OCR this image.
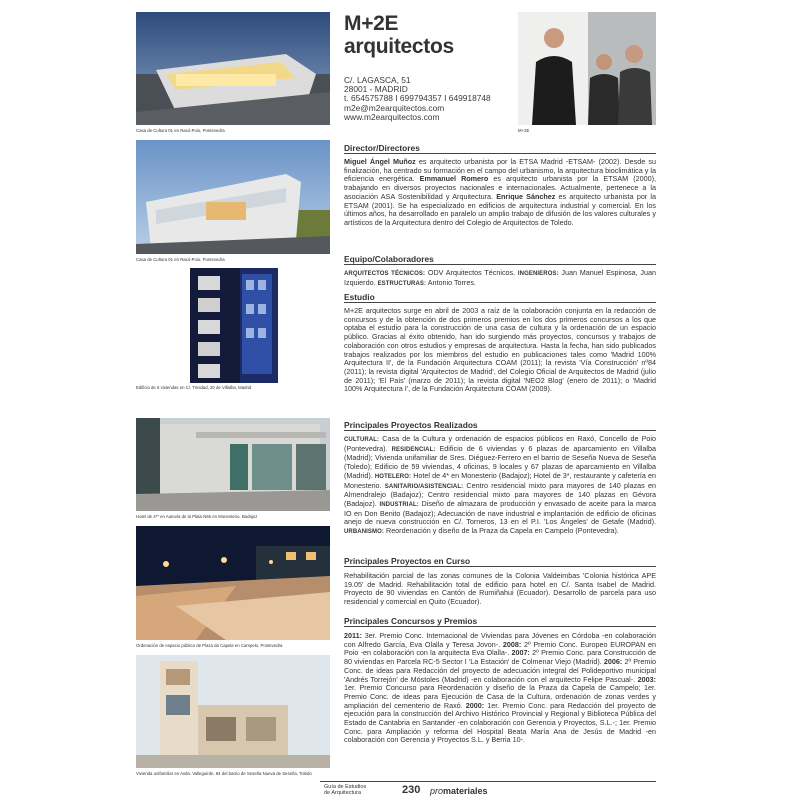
Casa de Cultura 01 en Raxó-Poio, Pontevedra
Casa de Cultura 01 en Raxó-Poio, Pontevedra
Edificio de 6 viviendas en C/. Trinidad, 20 de Villalba, Madrid
Hotel de 4** en Autovía de la Plata N66 en Monesterio, Badajoz
Ordenación de espacio público de Plaza da Capela en Campelo, Pontevedra
Vivienda unifamiliar en Avda. Valleguirde, 84 del barrio de Seseña Nueva de Seseña, Toledo
M+2E
M+2E
arquitectos
C/. LAGASCA, 51
28001 - MADRID
t. 654575788 I 699794357 I 649918748
m2e@m2earquitectos.com
www.m2earquitectos.com
Director/Directores
Miguel Ángel Muñoz es arquitecto urbanista por la ETSA Madrid -ETSAM- (2002). Desde su finalización, ha centrado su formación en el campo del urbanismo, la arquitectura bioclimática y la eficiencia energética. Emmanuel Romero es arquitecto urbanista por la ETSAM (2000), trabajando en diversos proyectos nacionales e internacionales. Actualmente, pertenece a la asociación ASA Sostenibilidad y Arquitectura. Enrique Sánchez es arquitecto urbanista por la ETSAM (2001). Se ha especializado en edificios de arquitectura industrial y comercial. En los últimos años, ha desarrollado en paralelo un amplio trabajo de difusión de los valores culturales y artísticos de la Arquitectura dentro del Colegio de Arquitectos de Toledo.
Equipo/Colaboradores
ARQUITECTOS TÉCNICOS: ODV Arquitectos Técnicos. INGENIEROS: Juan Manuel Espinosa, Juan Izquierdo. ESTRUCTURAS: Antonio Torres.
Estudio
M+2E arquitectos surge en abril de 2003 a raíz de la colaboración conjunta en la redacción de concursos y de la obtención de dos primeros premios en los dos primeros concursos a los que optaba el estudio para la construcción de una casa de cultura y la ordenación de un espacio público. Gracias al éxito obtenido, han ido surgiendo más proyectos, concursos y trabajos de colaboración con otros estudios y empresas de arquitectura. Hasta la fecha, han sido publicados trabajos realizados por los miembros del estudio en publicaciones tales como 'Madrid 100% Arquitectura II', de la Fundación Arquitectura COAM (2011); la revista 'Vía Construcción' nº84 (2011); la revista digital 'Arquitectos de Madrid', del Colegio Oficial de Arquitectos de Madrid (julio de 2011); 'El País' (marzo de 2011); la revista digital 'NEO2 Blog' (enero de 2011); o 'Madrid 100% Arquitectura I', de la Fundación Arquitectura COAM (2009).
Principales Proyectos Realizados
CULTURAL: Casa de la Cultura y ordenación de espacios públicos en Raxó, Concello de Poio (Pontevedra). RESIDENCIAL: Edificio de 6 viviendas y 6 plazas de aparcamiento en Villalba (Madrid); Vivienda unifamiliar de Sres. Diéguez-Ferrero en el barrio de Seseña Nueva de Seseña (Toledo); Edificio de 59 viviendas, 4 oficinas, 9 locales y 67 plazas de aparcamiento en Villalba (Madrid). HOTELERO: Hotel de 4* en Monesterio (Badajoz); Hotel de 3*, restaurante y cafetería en Monesterio. SANITARIO/ASISTENCIAL: Centro residencial mixto para mayores de 140 plazas en Almendralejo (Badajoz); Centro residencial mixto para mayores de 140 plazas en Gévora (Badajoz). INDUSTRIAL: Diseño de almazara de producción y envasado de aceite para la marca IO en Don Benito (Badajoz); Adecuación de nave industrial e implantación de edificio de oficinas anejo de nueva construcción en C/. Torneros, 13 en el P.I. 'Los Ángeles' de Getafe (Madrid). URBANISMO: Reordenación y diseño de la Praza da Capela en Campelo (Pontevedra).
Principales Proyectos en Curso
Rehabilitación parcial de las zonas comunes de la Colonia Valdeimbas 'Colonia histórica APE 19.05' de Madrid. Rehabilitación total de edificio para hotel en C/. Santa Isabel de Madrid. Proyecto de 90 viviendas en Cantón de Rumiñahui (Ecuador). Desarrollo de parcela para uso residencial y comercial en Quito (Ecuador).
Principales Concursos y Premios
2011: 3er. Premio Conc. Internacional de Viviendas para Jóvenes en Córdoba -en colaboración con Alfredo García, Eva Olalla y Teresa Jovon-. 2008: 2º Premio Conc. Europeo EUROPAN en Poio -en colaboración con la arquitecta Eva Olalla-. 2007: 2º Premio Conc. para Construcción de 80 viviendas en Parcela RC-5 Sector I 'La Estación' de Colmenar Viejo (Madrid). 2006: 2º Premio Conc. de ideas para Redacción del proyecto de adecuación integral del Polideportivo municipal 'Andrés Torrejón' de Móstoles (Madrid) -en colaboración con el arquitecto Felipe Pascual-. 2003: 1er. Premio Concurso para Reordenación y diseño de la Praza da Capela de Campelo; 1er. Premio Conc. de ideas para Ejecución de Casa de la Cultura, ordenación de zonas verdes y ampliación del cementerio de Raxó. 2000: 1er. Premio Conc. para Redacción del proyecto de ejecución para la construcción del Archivo Histórico Provincial y Regional y Biblioteca Pública del Estado de Cantabria en Santander -en colaboración con Gerencia y Proyectos, S.L.-; 1er. Premio Conc. para Ampliación y reforma del Hospital Beata María Ana de Jesús de Madrid -en colaboración con Gerencia y Proyectos S.L. y Berria 10-.
Guía de Estudios
de Arquitectura	230 promateriales
